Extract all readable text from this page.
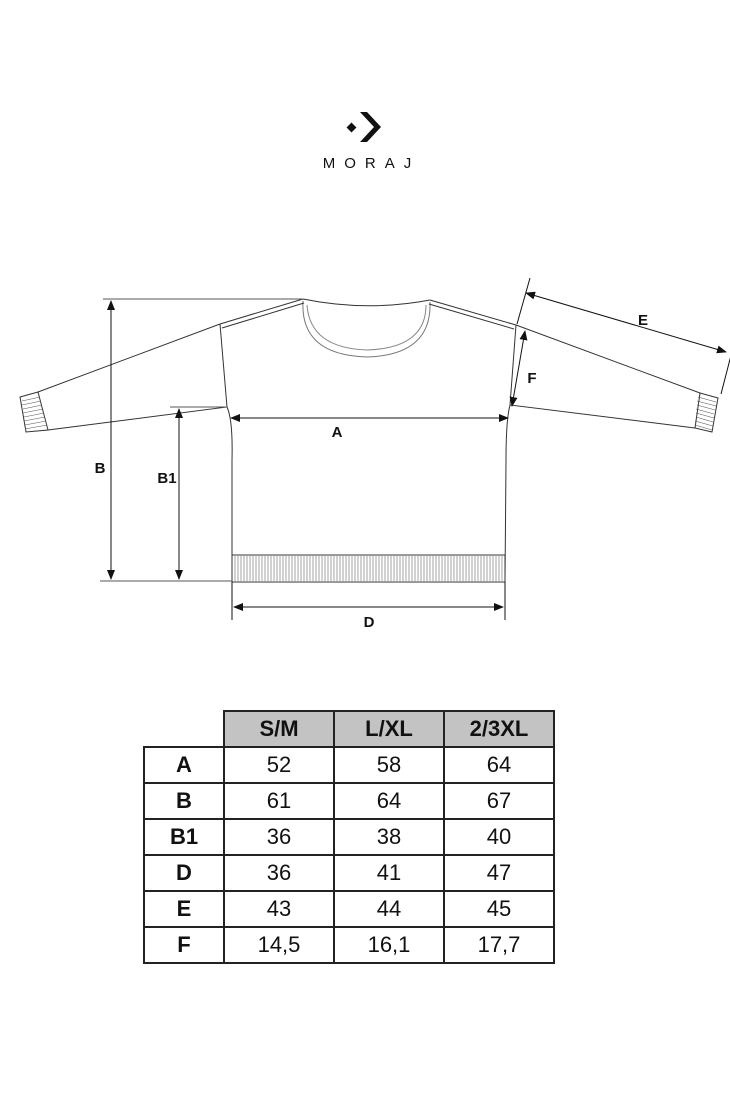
MORAJ
A
B
B1
D
E
F
	S/M	L/XL	2/3XL
A	52	58	64
B	61	64	67
B1	36	38	40
D	36	41	47
E	43	44	45
F	14,5	16,1	17,7
